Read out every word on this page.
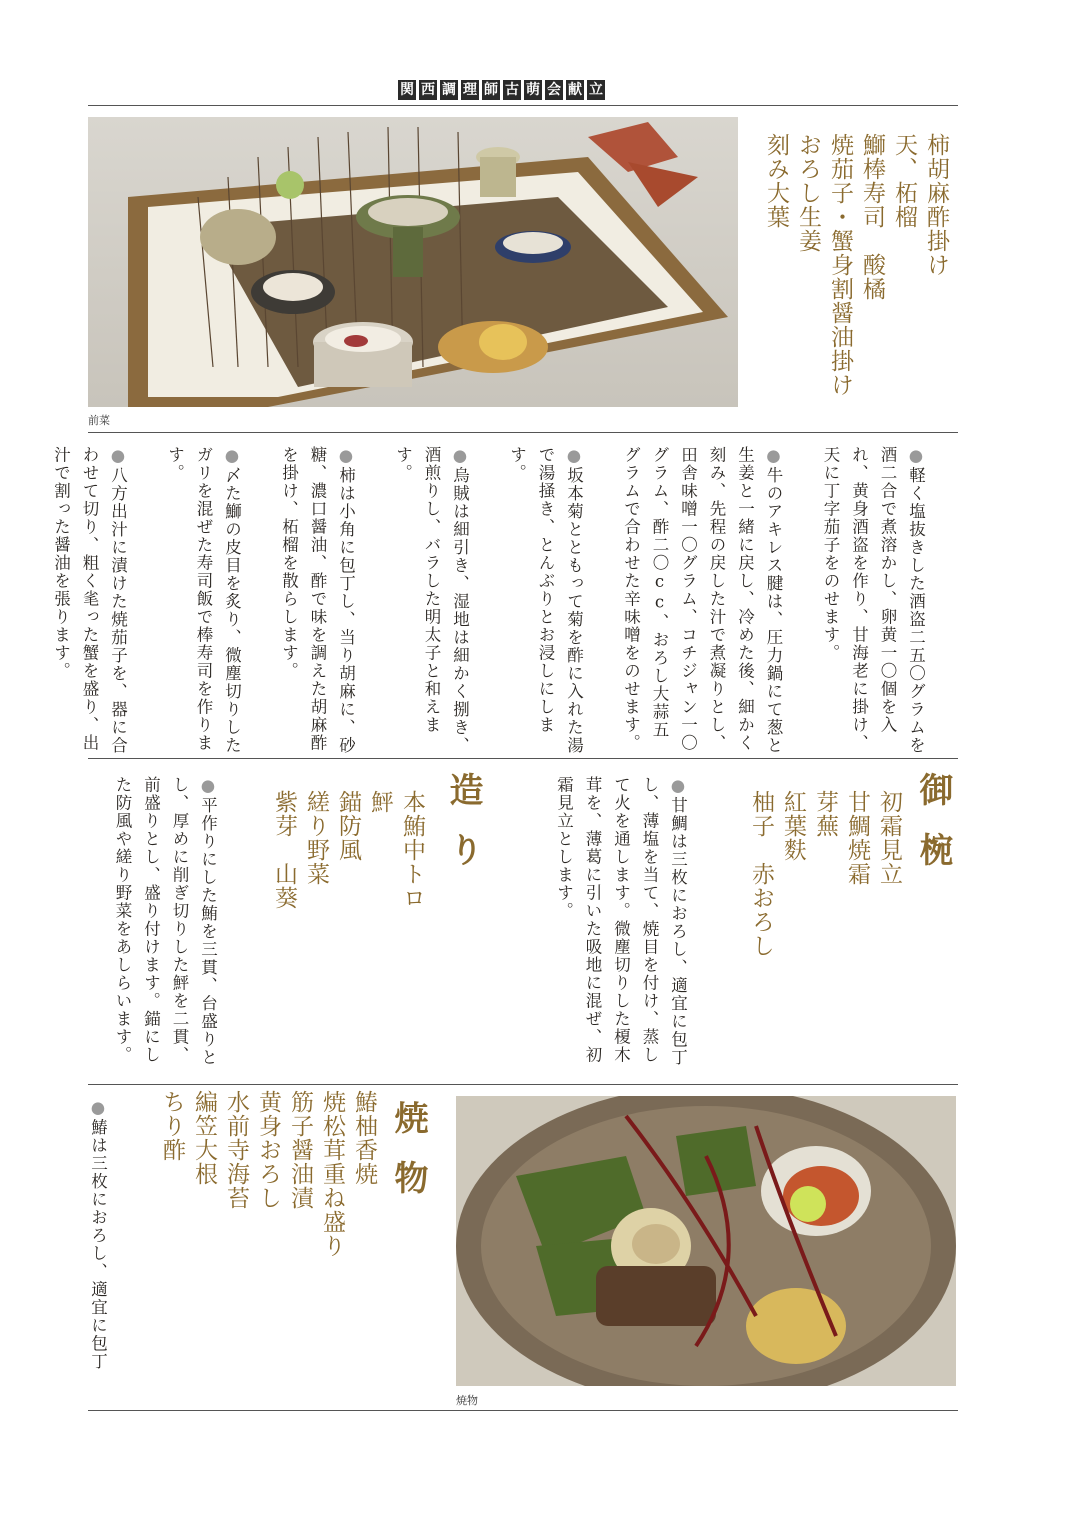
関 西 調 理 師 古 萌 会 献 立
前菜
柿胡麻酢掛け
天、柘榴
鰤棒寿司　酸橘
焼茄子・蟹身割醤油掛け
おろし生姜
刻み大葉

●軽く塩抜きした酒盗二五〇グラムを酒二合で煮溶かし、卵黄一〇個を入れ、黄身酒盗を作り、甘海老に掛け、天に丁字茄子をのせます。

●牛のアキレス腱は、圧力鍋にて葱と生姜と一緒に戻し、冷めた後、細かく刻み、先程の戻した汁で煮凝りとし、田舎味噌一〇グラム、コチジャン一〇グラム、酢二〇cc、おろし大蒜五グラムで合わせた辛味噌をのせます。

●坂本菊とともって菊を酢に入れた湯で湯掻き、とんぶりとお浸しにします。

●烏賊は細引き、湿地は細かく捌き、酒煎りし、バラした明太子と和えます。

●柿は小角に包丁し、当り胡麻に、砂糖、濃口醤油、酢で味を調えた胡麻酢を掛け、柘榴を散らします。

●〆た鰤の皮目を炙り、微塵切りしたガリを混ぜた寿司飯で棒寿司を作ります。

●八方出汁に漬けた焼茄子を、器に合わせて切り、粗く毟った蟹を盛り、出汁で割った醤油を張ります。

御椀
初霜見立
甘鯛焼霜
芽蕪
紅葉麩
柚子　赤おろし

●甘鯛は三枚におろし、適宜に包丁し、薄塩を当て、焼目を付け、蒸して火を通します。微塵切りした榎木茸を、薄葛に引いた吸地に混ぜ、初霜見立とします。

造り
本鮪中トロ
鮃
錨防風
縒り野菜
紫芽　山葵

●平作りにした鮪を三貫、台盛りとし、厚めに削ぎ切りした鮃を二貫、前盛りとし、盛り付けます。錨にした防風や縒り野菜をあしらいます。

焼物
焼物
鰆柚香焼
焼松茸重ね盛り
筋子醤油漬
黄身おろし
水前寺海苔
編笠大根
ちり酢

●鰆は三枚におろし、適宜に包丁
